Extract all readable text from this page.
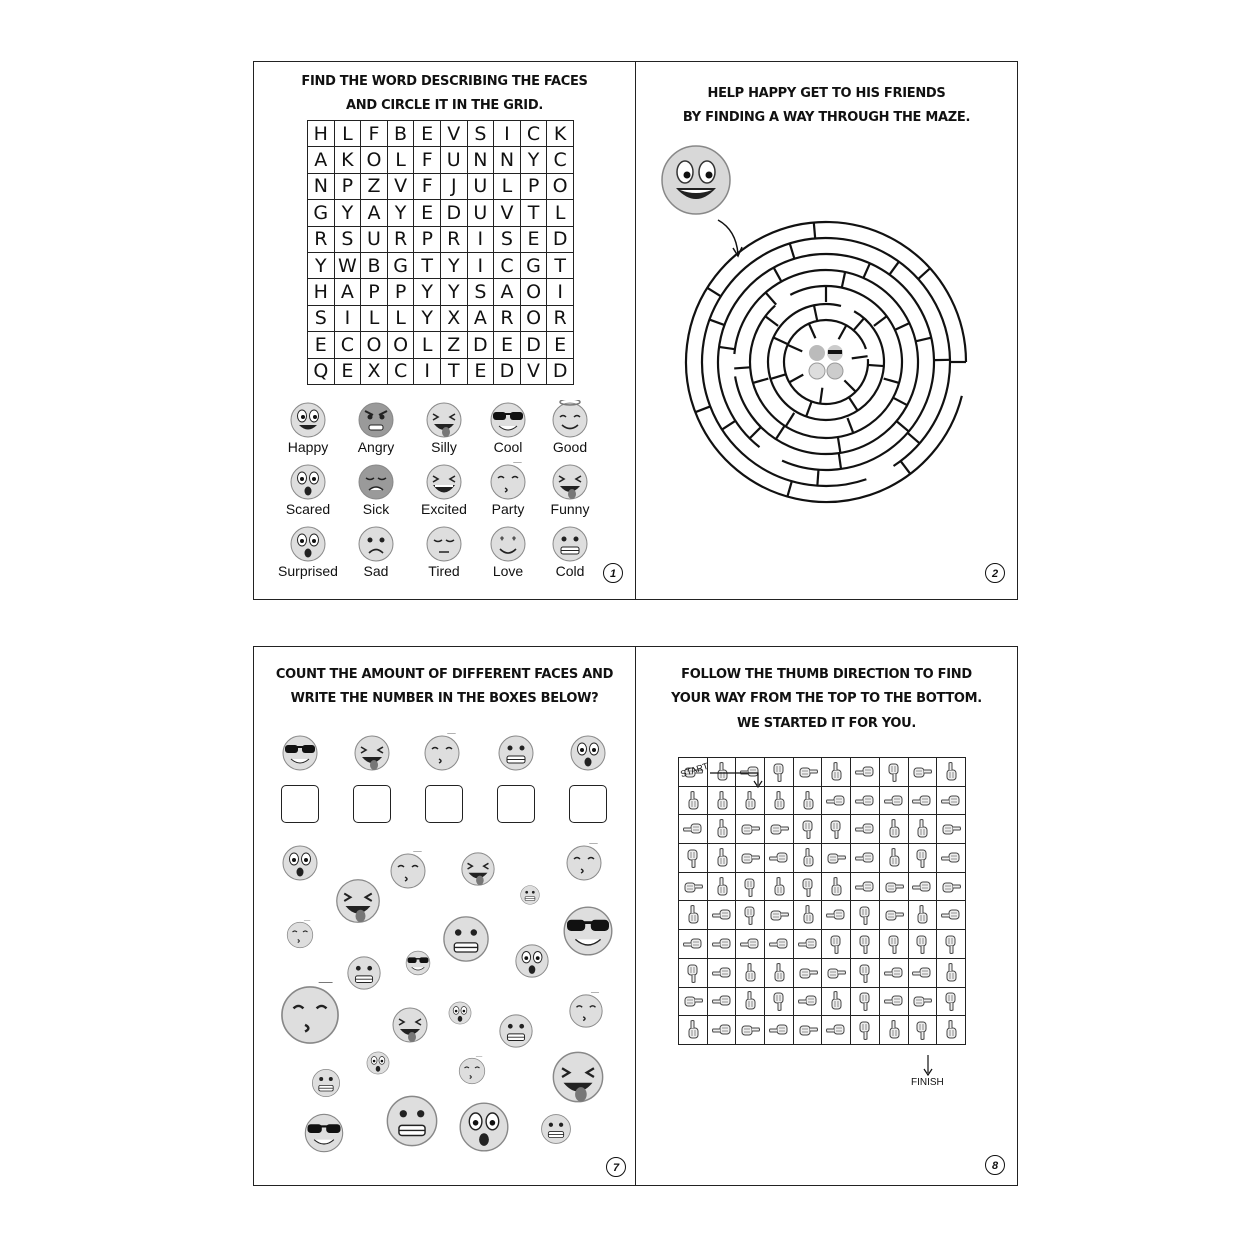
FIND THE WORD DESCRIBING THE FACES
AND CIRCLE IT IN THE GRID.
H	L	F	B	E	V	S	I	C	K
A	K	O	L	F	U	N	N	Y	C
N	P	Z	V	F	J	U	L	P	O
G	Y	A	Y	E	D	U	V	T	L
R	S	U	R	P	R	I	S	E	D
Y	W	B	G	T	Y	I	C	G	T
H	A	P	P	Y	Y	S	A	O	I
S	I	L	L	Y	X	A	R	O	R
E	C	O	O	L	Z	D	E	D	E
Q	E	X	C	I	T	E	D	V	D
Happy	Angry	Silly	Cool	Good
Scared	Sick	Excited	Party	Funny
Surprised	Sad	Tired	Love	Cold	1
HELP HAPPY GET TO HIS FRIENDS
BY FINDING A WAY THROUGH THE MAZE.
2
COUNT THE AMOUNT OF DIFFERENT FACES AND
WRITE THE NUMBER IN THE BOXES BELOW?
7
FOLLOW THE THUMB DIRECTION TO FIND
YOUR WAY FROM THE TOP TO THE BOTTOM.
WE STARTED IT FOR YOU.

START
FINISH
8
